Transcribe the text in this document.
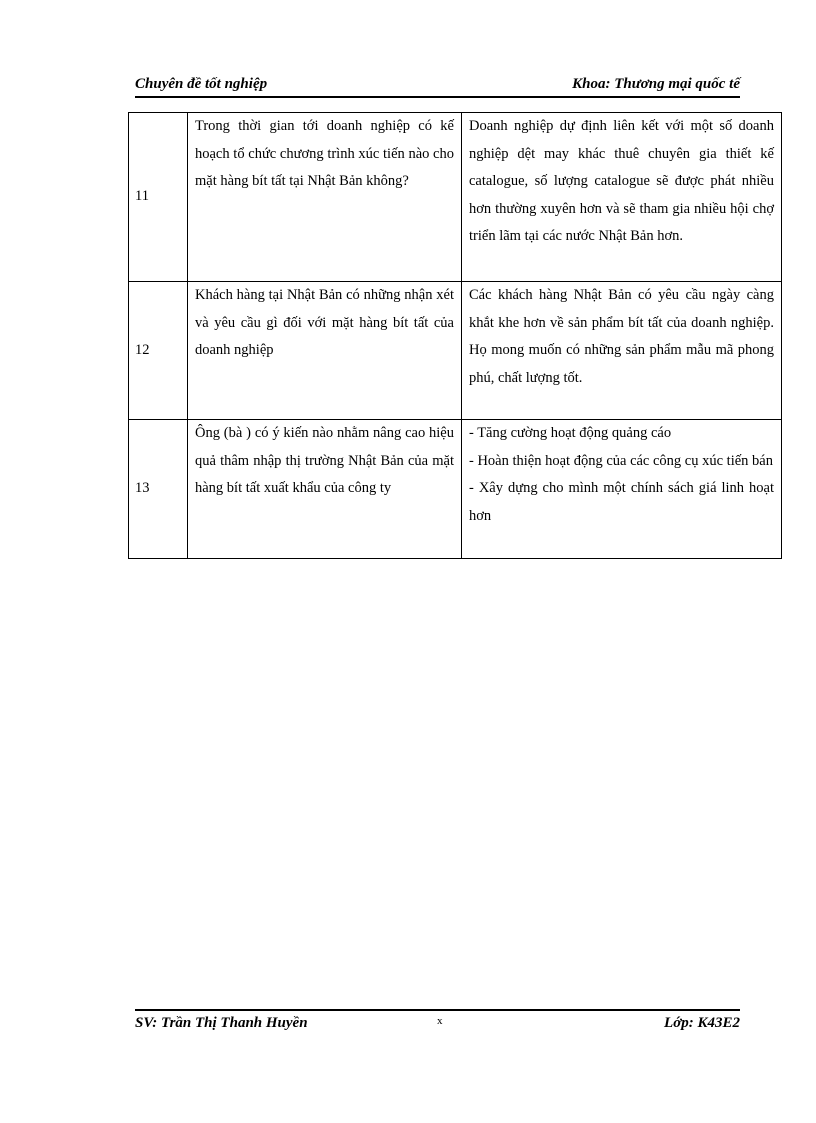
Chuyên đề tốt nghiệp	Khoa: Thương mại quốc tế
11	Trong thời gian tới doanh nghiệp có kế hoạch tổ chức chương trình xúc tiến nào cho mặt hàng bít tất tại Nhật Bản không?	Doanh nghiệp dự định liên kết với một số doanh nghiệp dệt may khác thuê chuyên gia thiết kế catalogue, số lượng catalogue sẽ được phát nhiều hơn thường xuyên hơn và sẽ tham gia nhiều hội chợ triển lãm tại các nước Nhật Bản hơn.

12	Khách hàng tại Nhật Bản có những nhận xét và yêu cầu gì đối với mặt hàng bít tất của doanh nghiệp	Các khách hàng Nhật Bản có yêu cầu ngày càng khắt khe hơn về sản phẩm bít tất của doanh nghiệp. Họ mong muốn có những sản phẩm mẫu mã phong phú, chất lượng tốt.

13	Ông (bà ) có ý kiến nào nhằm nâng cao hiệu quả thâm nhập thị trường Nhật Bản của mặt hàng bít tất xuất khẩu của công ty	- Tăng cường hoạt động quảng cáo
- Hoàn thiện hoạt động của các công cụ xúc tiến bán
- Xây dựng cho mình một chính sách giá linh hoạt hơn
SV: Trần Thị Thanh Huyền	x	Lớp: K43E2
